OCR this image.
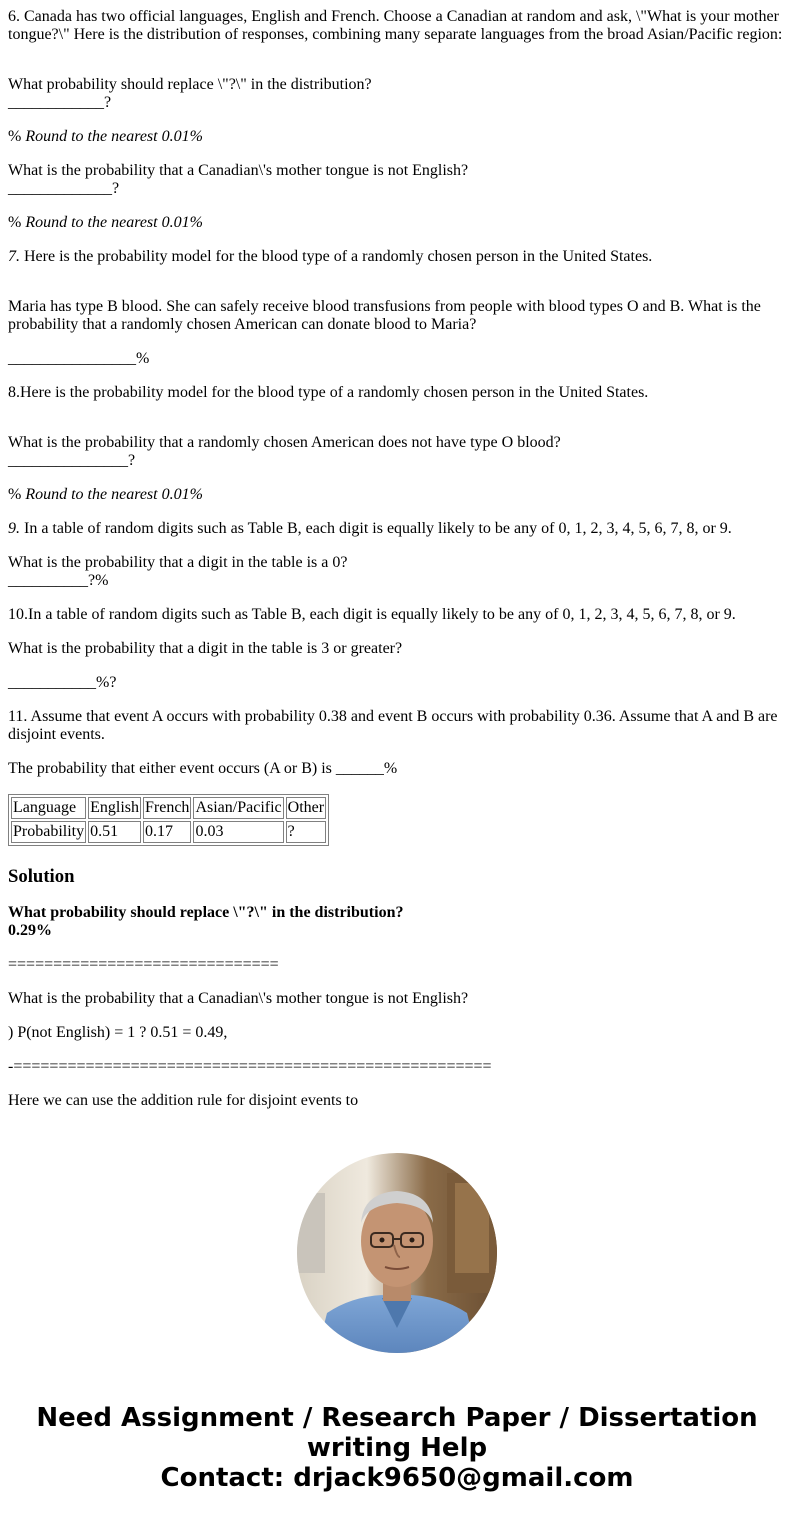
6. Canada has two official languages, English and French. Choose a Canadian at random and ask, \"What is your mother tongue?\" Here is the distribution of responses, combining many separate languages from the broad Asian/Pacific region:

What probability should replace \"?\" in the distribution?

____________?

% Round to the nearest 0.01%

What is the probability that a Canadian\'s mother tongue is not English?

_____________?

% Round to the nearest 0.01%

7. Here is the probability model for the blood type of a randomly chosen person in the United States.

Maria has type B blood. She can safely receive blood transfusions from people with blood types O and B. What is the probability that a randomly chosen American can donate blood to Maria?

________________%

8.Here is the probability model for the blood type of a randomly chosen person in the United States.

What is the probability that a randomly chosen American does not have type O blood?

_______________?

% Round to the nearest 0.01%

9. In a table of random digits such as Table B, each digit is equally likely to be any of 0, 1, 2, 3, 4, 5, 6, 7, 8, or 9.

What is the probability that a digit in the table is a 0?

__________?%

10.In a table of random digits such as Table B, each digit is equally likely to be any of 0, 1, 2, 3, 4, 5, 6, 7, 8, or 9.

What is the probability that a digit in the table is 3 or greater?

___________%?

11. Assume that event A occurs with probability 0.38 and event B occurs with probability 0.36. Assume that A and B are disjoint events.

The probability that either event occurs (A or B) is ______%

Language	English	French	Asian/Pacific	Other
Probability	0.51	0.17	0.03	?
Solution
What probability should replace \"?\" in the distribution?

0.29%

==============================

What is the probability that a Canadian\'s mother tongue is not English?

) P(not English) = 1 ? 0.51 = 0.49,

-=====================================================

Here we can use the addition rule for disjoint events to

Need Assignment / Research Paper / Dissertation
writing Help
Contact: drjack9650@gmail.com
